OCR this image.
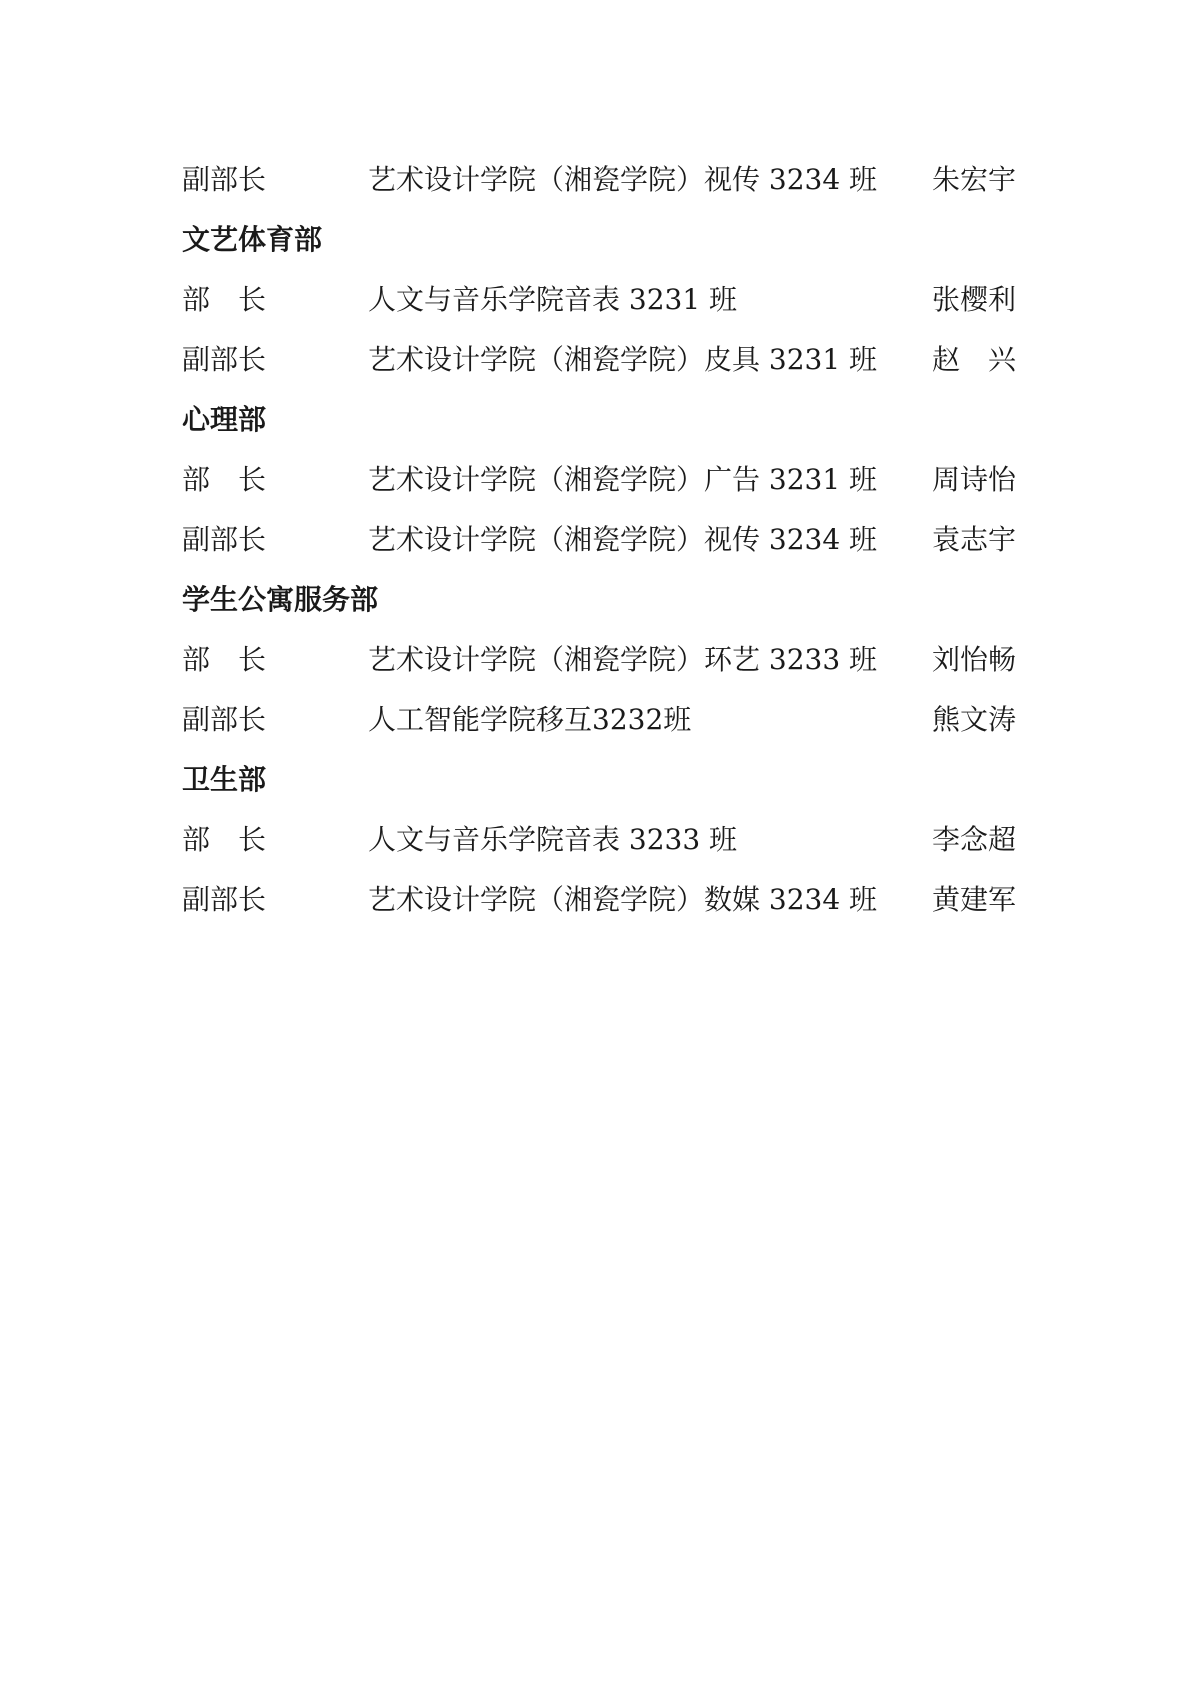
副部长	艺术设计学院（湘瓷学院）视传 3234 班 朱宏宇
文艺体育部
部　长	人文与音乐学院音表 3231 班	张樱利
副部长	艺术设计学院（湘瓷学院）皮具 3231 班 赵　兴
心理部
部　长	艺术设计学院（湘瓷学院）广告 3231 班 周诗怡
副部长	艺术设计学院（湘瓷学院）视传 3234 班 袁志宇
学生公寓服务部
部　长	艺术设计学院（湘瓷学院）环艺 3233 班 刘怡畅
副部长	人工智能学院移互3232班	熊文涛
卫生部
部　长	人文与音乐学院音表 3233 班	李念超
副部长	艺术设计学院（湘瓷学院）数媒 3234 班 黄建军
